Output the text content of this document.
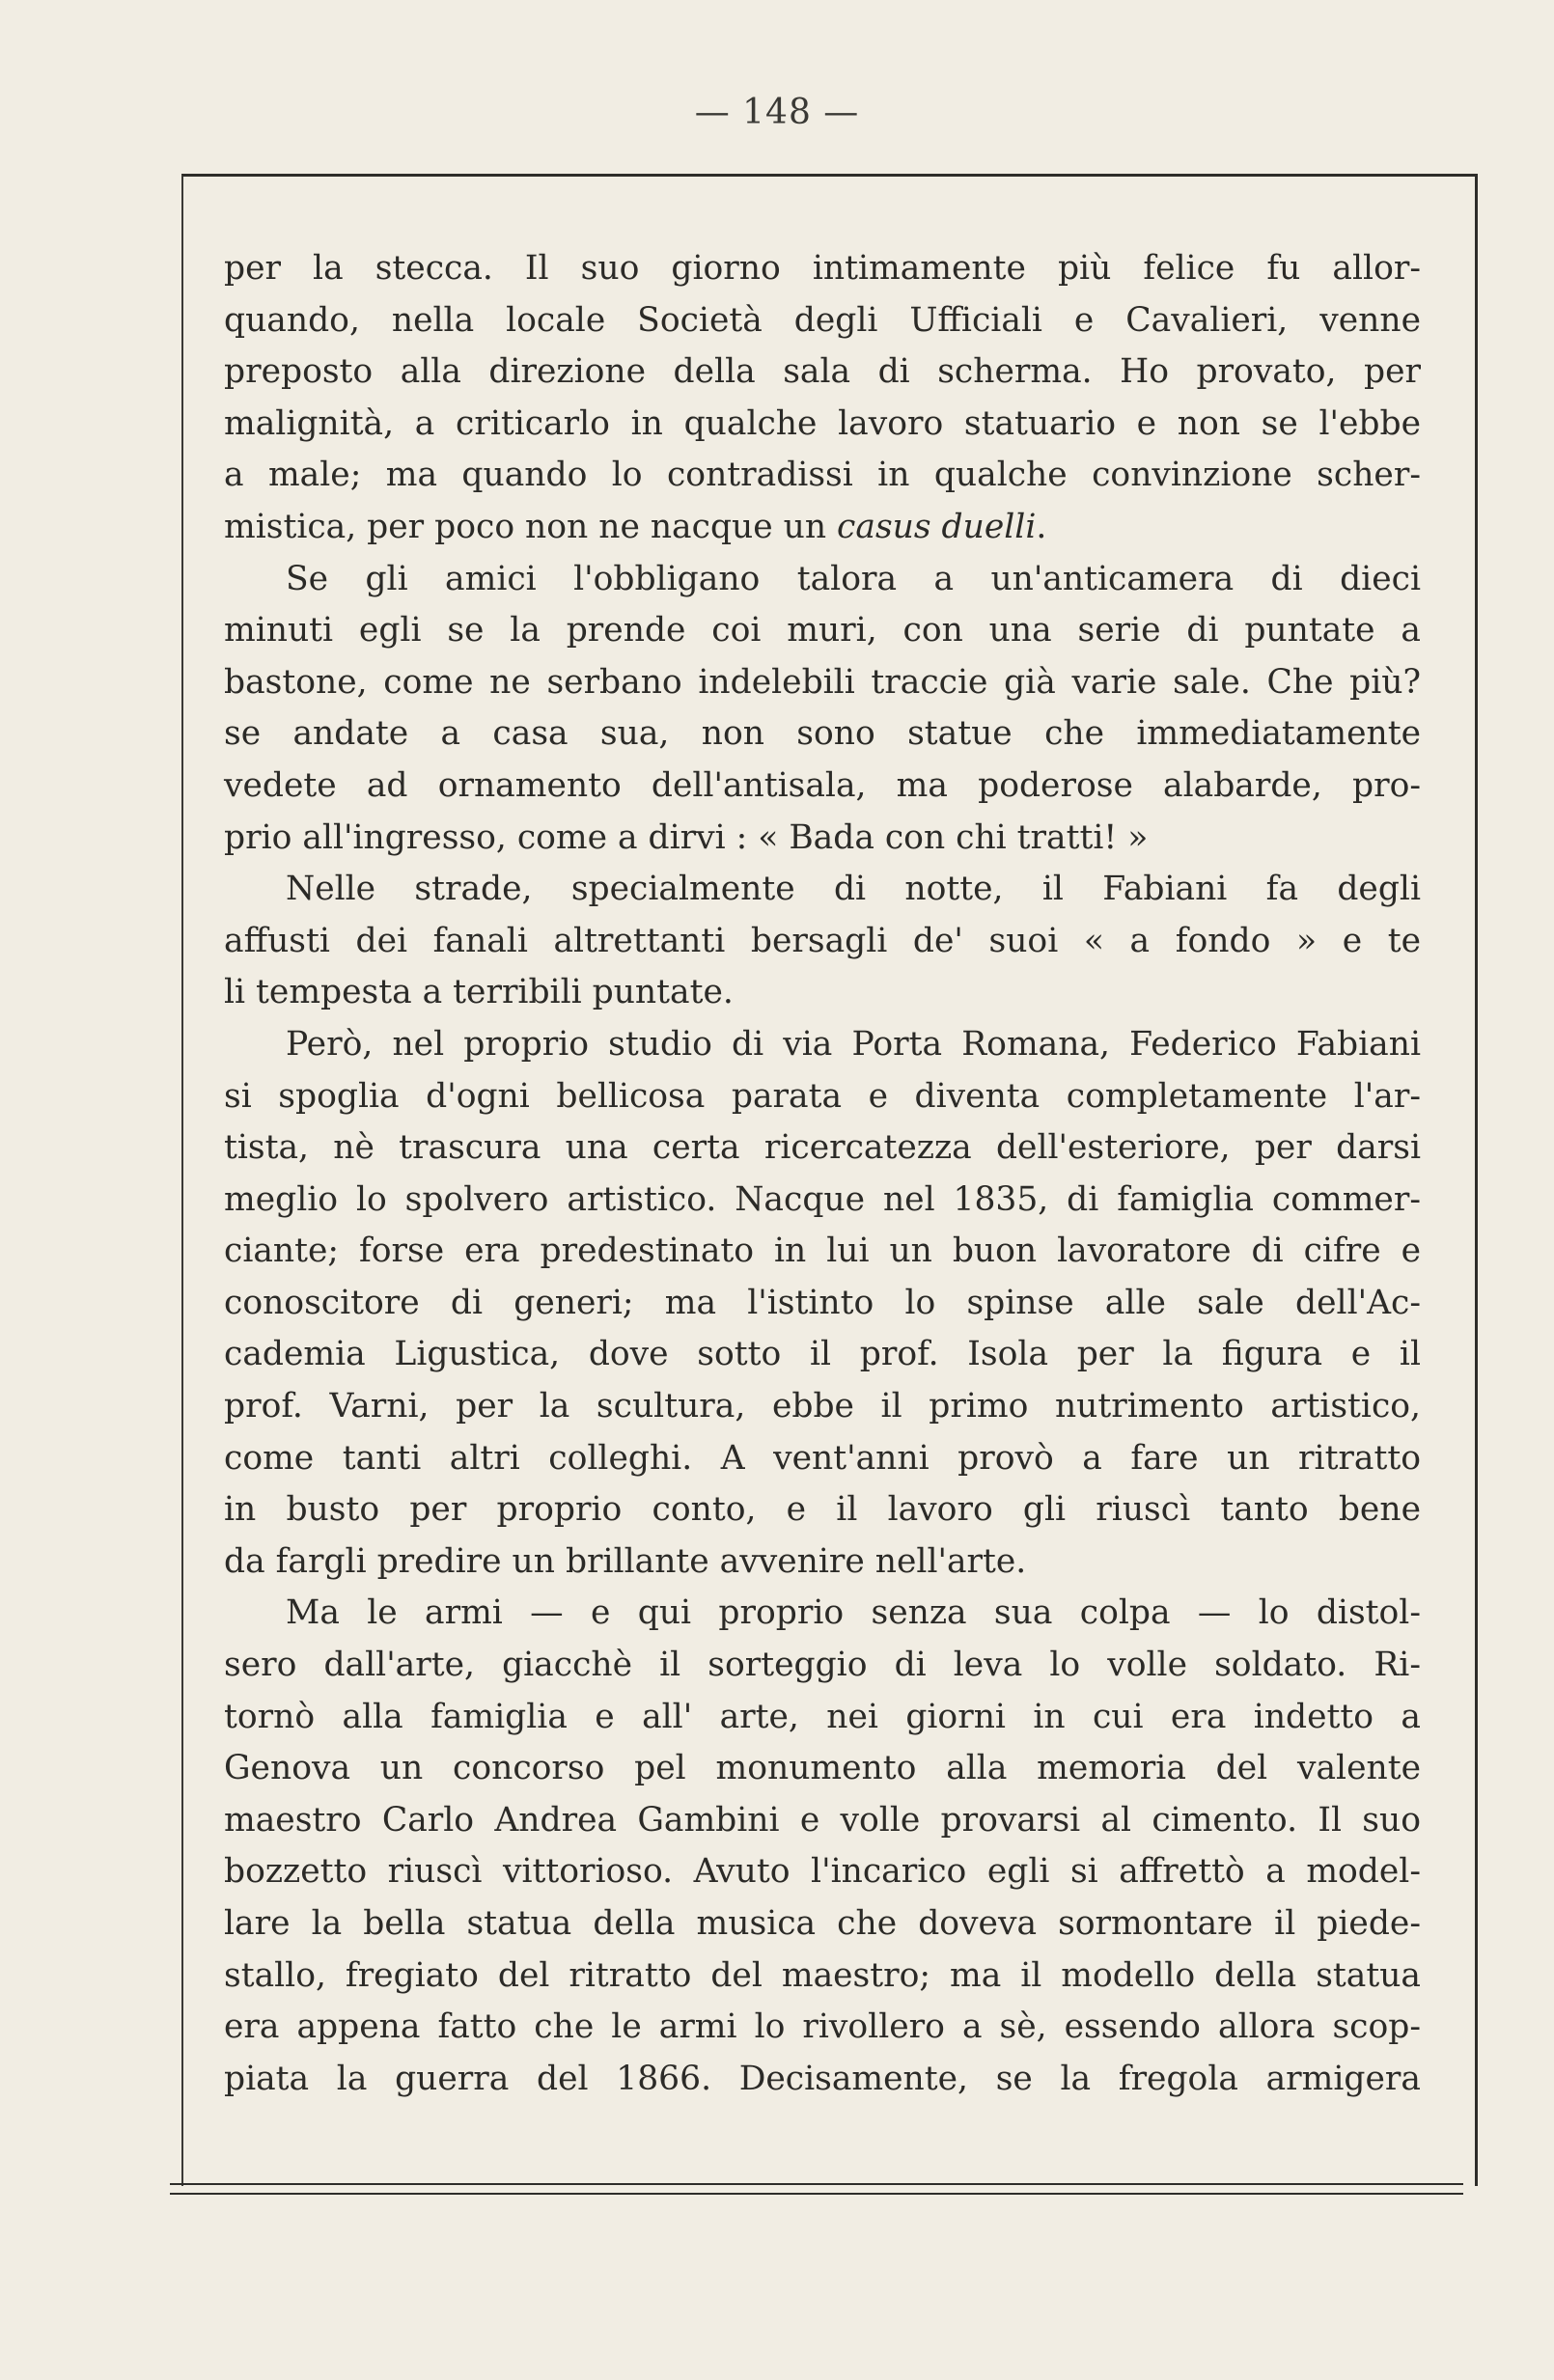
— 148 —
per la stecca. Il suo giorno intimamente più felice fu allor-
quando, nella locale Società degli Ufficiali e Cavalieri, venne
preposto alla direzione della sala di scherma. Ho provato, per
malignità, a criticarlo in qualche lavoro statuario e non se l'ebbe
a male; ma quando lo contradissi in qualche convinzione scher-
mistica, per poco non ne nacque un casus duelli.
Se gli amici l'obbligano talora a un'anticamera di dieci
minuti egli se la prende coi muri, con una serie di puntate a
bastone, come ne serbano indelebili traccie già varie sale. Che più?
se andate a casa sua, non sono statue che immediatamente
vedete ad ornamento dell'antisala, ma poderose alabarde, pro-
prio all'ingresso, come a dirvi : « Bada con chi tratti! »
Nelle strade, specialmente di notte, il Fabiani fa degli
affusti dei fanali altrettanti bersagli de' suoi « a fondo » e te
li tempesta a terribili puntate.
Però, nel proprio studio di via Porta Romana, Federico Fabiani
si spoglia d'ogni bellicosa parata e diventa completamente l'ar-
tista, nè trascura una certa ricercatezza dell'esteriore, per darsi
meglio lo spolvero artistico. Nacque nel 1835, di famiglia commer-
ciante; forse era predestinato in lui un buon lavoratore di cifre e
conoscitore di generi; ma l'istinto lo spinse alle sale dell'Ac-
cademia Ligustica, dove sotto il prof. Isola per la figura e il
prof. Varni, per la scultura, ebbe il primo nutrimento artistico,
come tanti altri colleghi. A vent'anni provò a fare un ritratto
in busto per proprio conto, e il lavoro gli riuscì tanto bene
da fargli predire un brillante avvenire nell'arte.
Ma le armi — e qui proprio senza sua colpa — lo distol-
sero dall'arte, giacchè il sorteggio di leva lo volle soldato. Ri-
tornò alla famiglia e all' arte, nei giorni in cui era indetto a
Genova un concorso pel monumento alla memoria del valente
maestro Carlo Andrea Gambini e volle provarsi al cimento. Il suo
bozzetto riuscì vittorioso. Avuto l'incarico egli si affrettò a model-
lare la bella statua della musica che doveva sormontare il piede-
stallo, fregiato del ritratto del maestro; ma il modello della statua
era appena fatto che le armi lo rivollero a sè, essendo allora scop-
piata la guerra del 1866. Decisamente, se la fregola armigera
